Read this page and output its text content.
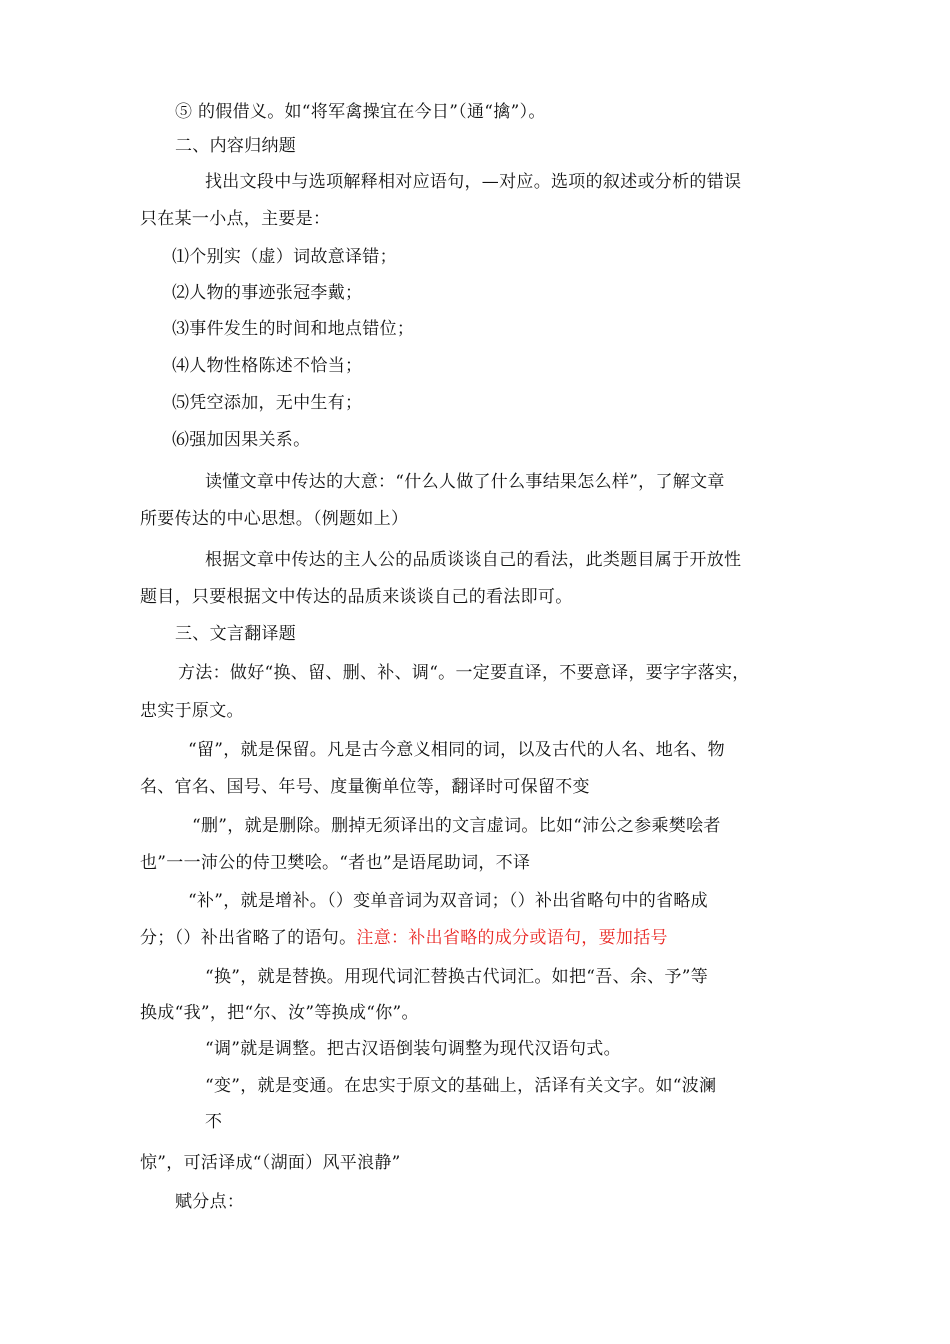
⑤ 的假借义。如“将军禽操宜在今日”（通“擒”）。
二、内容归纳题
找出文段中与选项解释相对应语句，—对应。选项的叙述或分析的错误
只在某一小点，主要是：
⑴个别实（虚）词故意译错；
⑵人物的事迹张冠李戴；
⑶事件发生的时间和地点错位；
⑷人物性格陈述不恰当；
⑸凭空添加，无中生有；
⑹强加因果关系。
读懂文章中传达的大意：“什么人做了什么事结果怎么样”，了解文章
所要传达的中心思想。（例题如上）
根据文章中传达的主人公的品质谈谈自己的看法，此类题目属于开放性
题目，只要根据文中传达的品质来谈谈自己的看法即可。
三、文言翻译题
方法：做好“换、留、删、补、调“。一定要直译，不要意译，要字字落实，
忠实于原文。
“留”，就是保留。凡是古今意义相同的词，以及古代的人名、地名、物
名、官名、国号、年号、度量衡单位等，翻译时可保留不变
“删”，就是删除。删掉无须译出的文言虚词。比如“沛公之参乘樊哙者
也”一一沛公的侍卫樊哙。“者也”是语尾助词，不译
“补”，就是增补。（）变单音词为双音词；（）补出省略句中的省略成
分；（）补出省略了的语句。注意：补出省略的成分或语句，要加括号
“换”，就是替换。用现代词汇替换古代词汇。如把“吾、余、予”等
换成“我”，把“尔、汝”等换成“你”。
“调”就是调整。把古汉语倒装句调整为现代汉语句式。
“变”，就是变通。在忠实于原文的基础上，活译有关文字。如“波澜
不
惊”，可活译成“（湖面）风平浪静”
赋分点：
